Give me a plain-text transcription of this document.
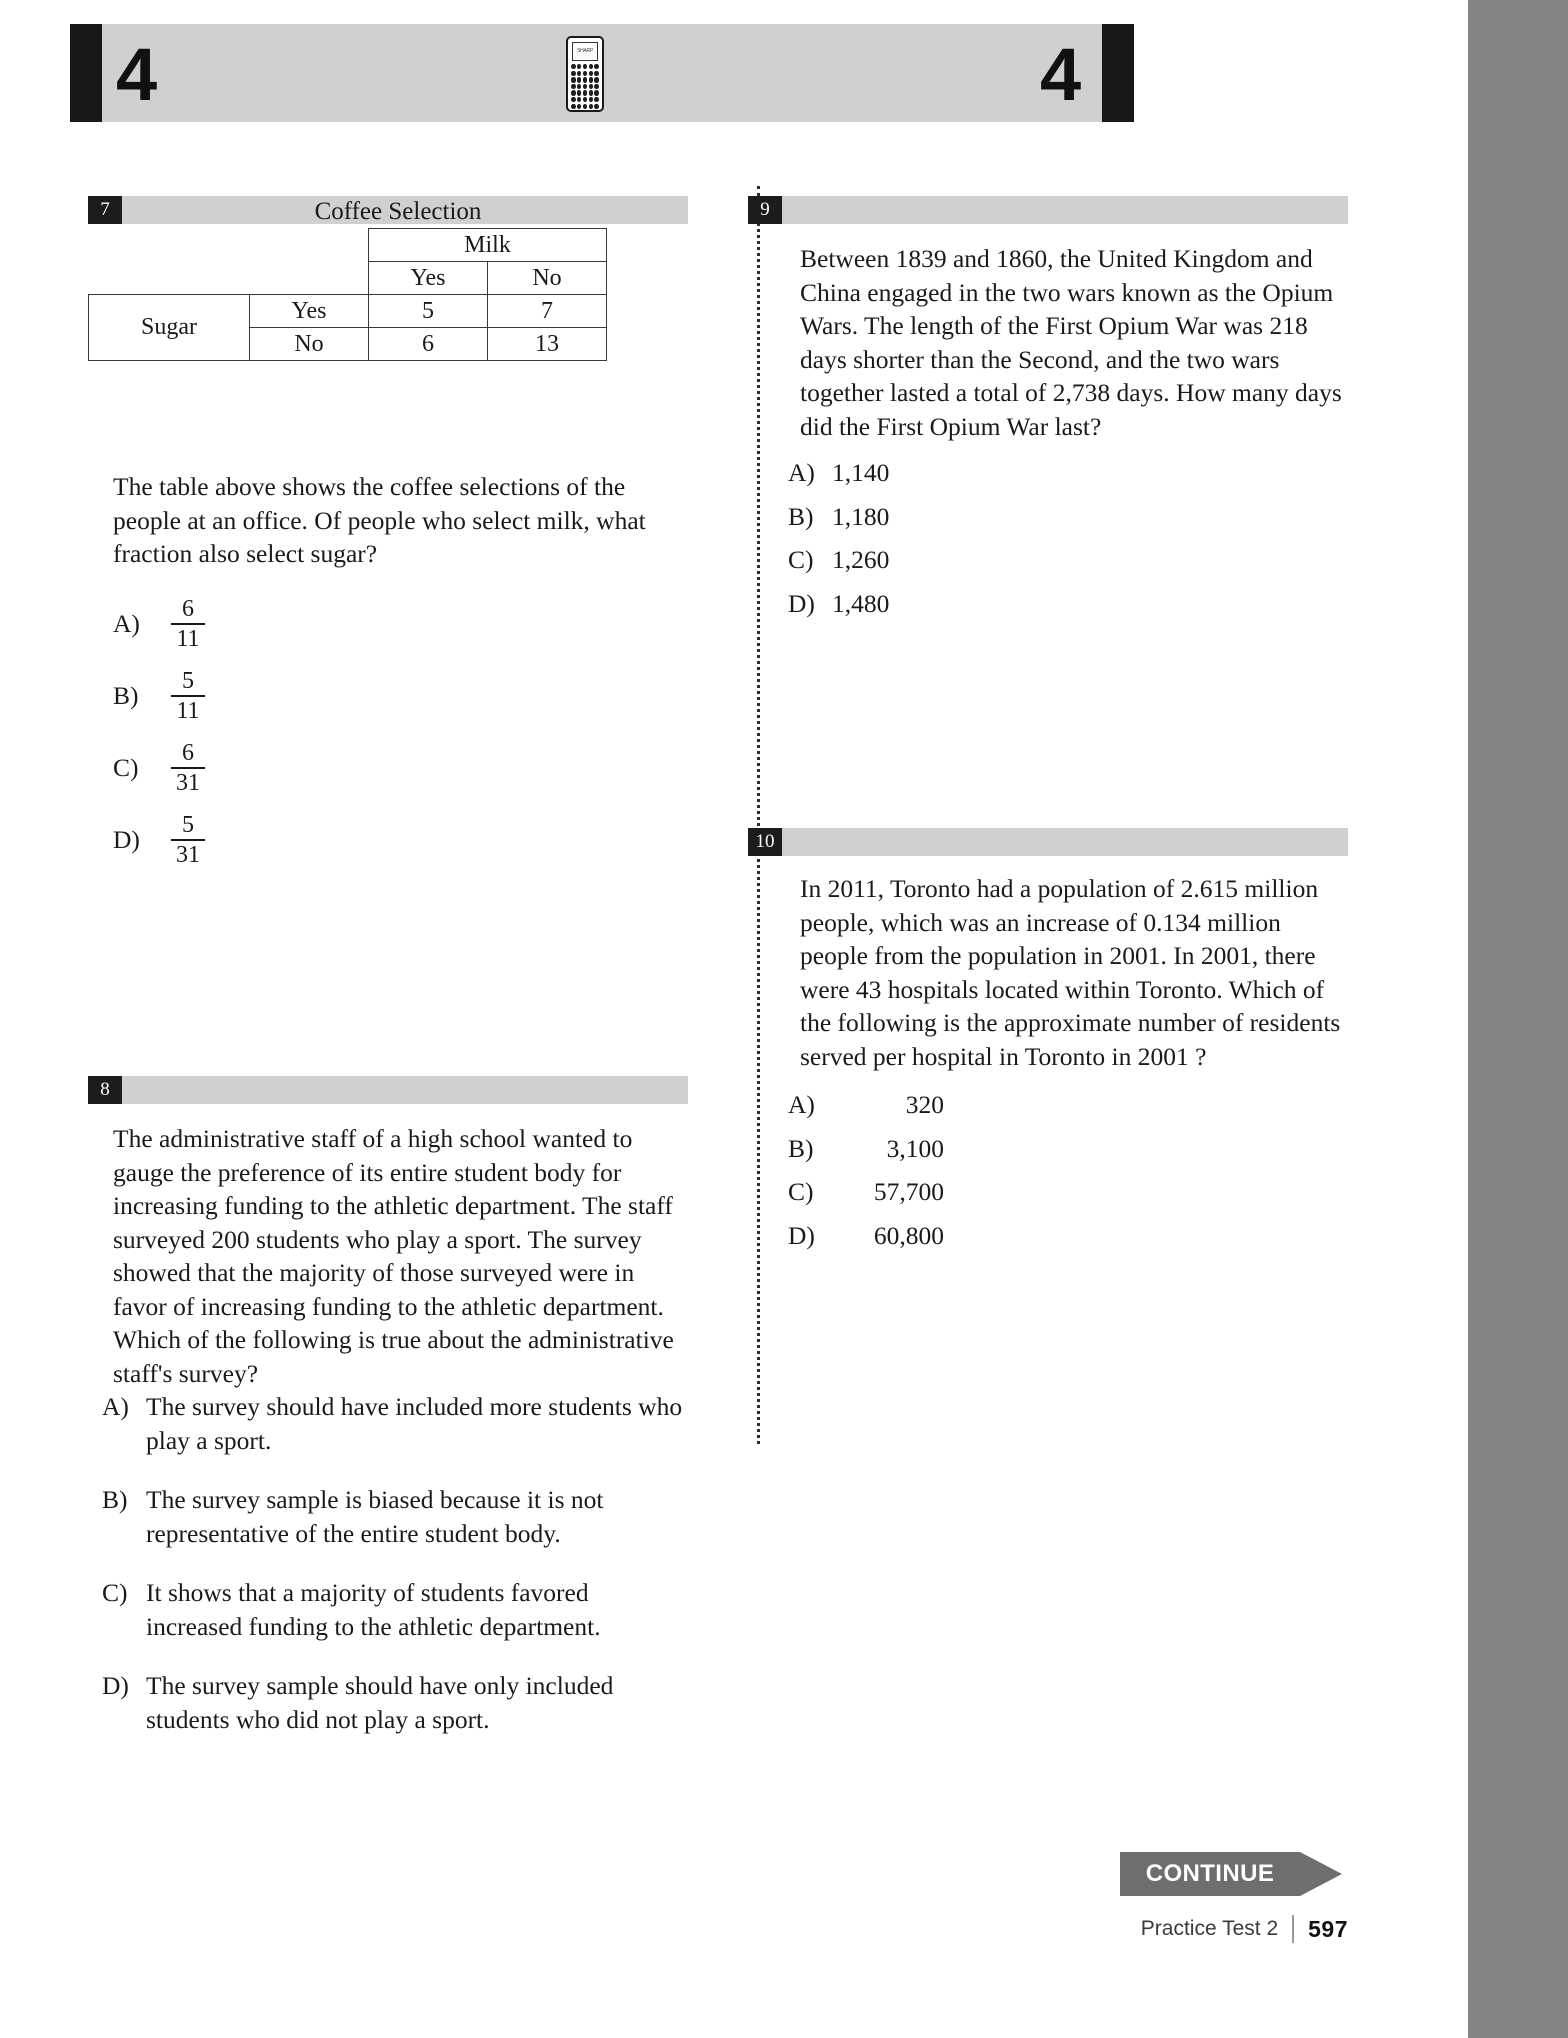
4	4
SHARP
7	Coffee Selection
		Milk	
		Yes	No
Sugar	Yes	5	7
	No	6	13
The table above shows the coffee selections of the people at an office. Of people who select milk, what fraction also select sugar?
A)	$\frac{6}{11}$
B)	$\frac{5}{11}$
C)	$\frac{6}{31}$
D)	$\frac{5}{31}$
8
The administrative staff of a high school wanted to gauge the preference of its entire student body for increasing funding to the athletic department. The staff surveyed 200 students who play a sport. The survey showed that the majority of those surveyed were in favor of increasing funding to the athletic department. Which of the following is true about the administrative staff's survey?
A) The survey should have included more students who play a sport.
B) The survey sample is biased because it is not representative of the entire student body.
C) It shows that a majority of students favored increased funding to the athletic department.
D) The survey sample should have only included students who did not play a sport.
9
Between 1839 and 1860, the United Kingdom and China engaged in the two wars known as the Opium Wars. The length of the First Opium War was 218 days shorter than the Second, and the two wars together lasted a total of 2,738 days. How many days did the First Opium War last?
A) 1,140
B) 1,180
C) 1,260
D) 1,480
10
In 2011, Toronto had a population of 2.615 million people, which was an increase of 0.134 million people from the population in 2001. In 2001, there were 43 hospitals located within Toronto. Which of the following is the approximate number of residents served per hospital in Toronto in 2001 ?
A)	320
B)	3,100
C)	57,700
D)	60,800
CONTINUE
Practice Test 2 597
